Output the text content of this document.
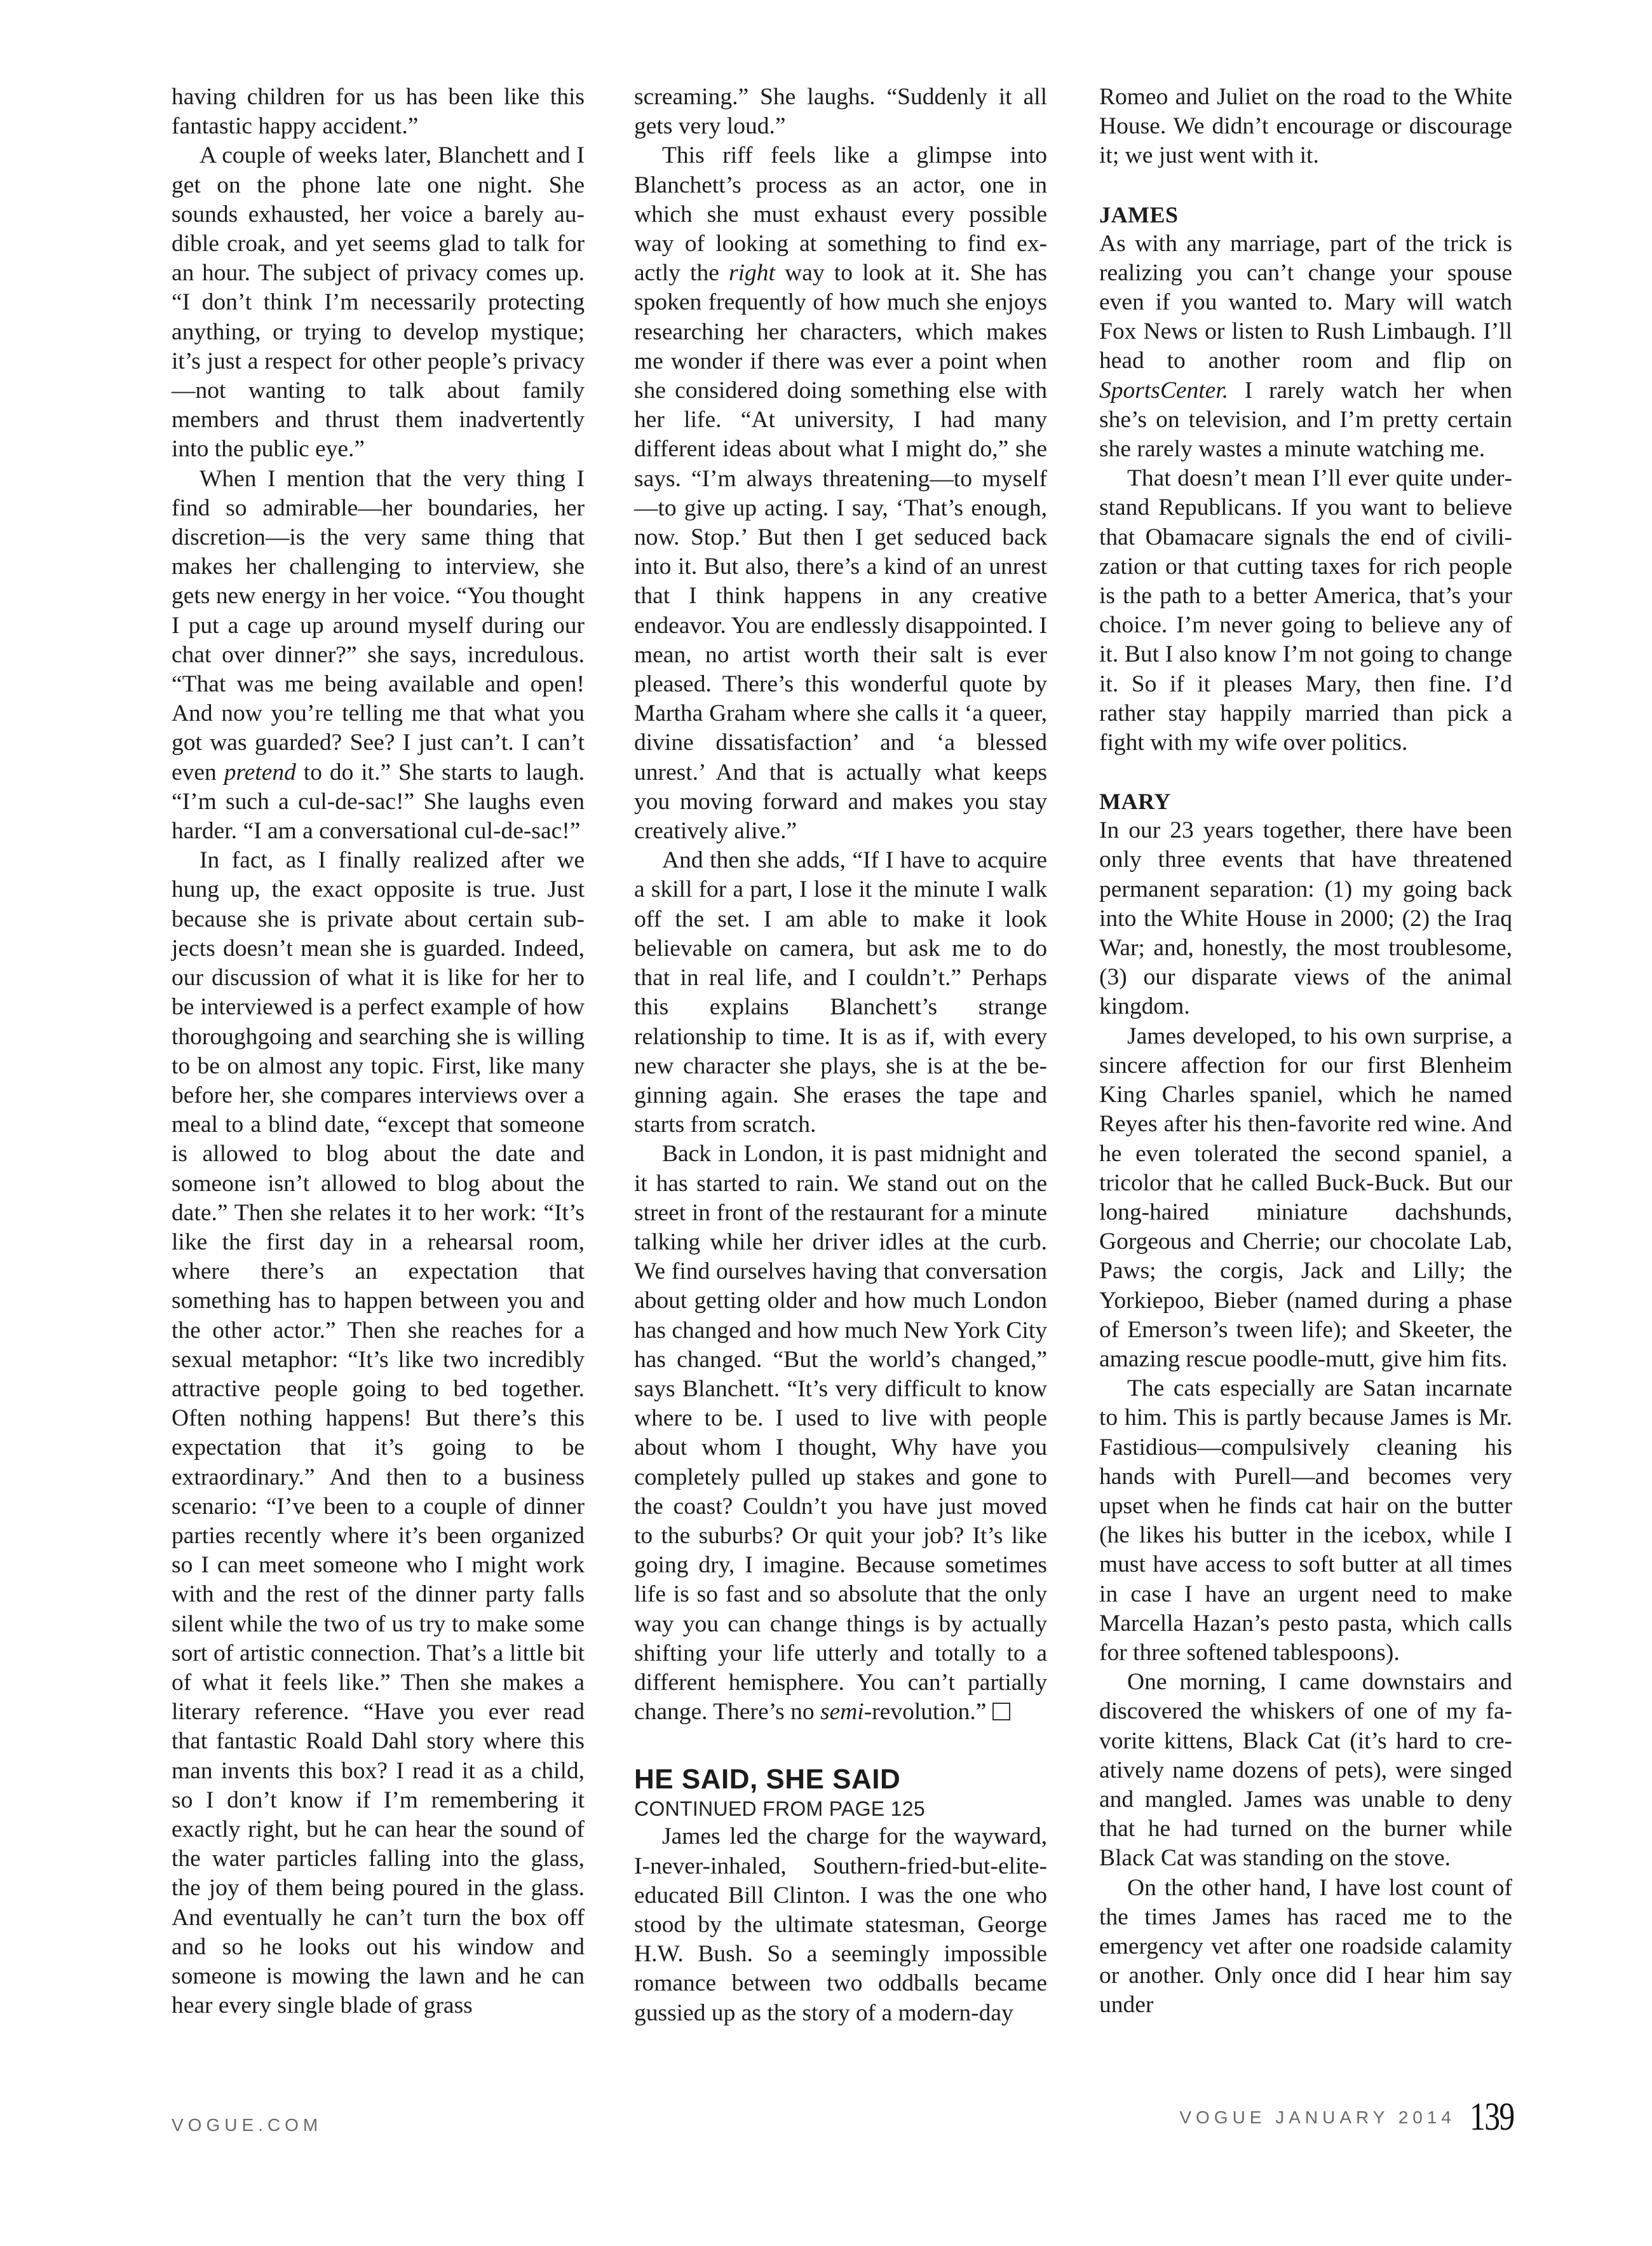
having children for us has been like this fantastic happy accident.”

A couple of weeks later, Blanchett and I get on the phone late one night. She sounds exhausted, her voice a barely audible croak, and yet seems glad to talk for an hour. The subject of privacy comes up. “I don’t think I’m necessarily protecting anything, or trying to develop mystique; it’s just a respect for other people’s privacy—not wanting to talk about family members and thrust them inadvertently into the public eye.”

When I mention that the very thing I find so admirable—her boundaries, her discretion—is the very same thing that makes her challenging to interview, she gets new energy in her voice. “You thought I put a cage up around myself during our chat over dinner?” she says, incredulous. “That was me being available and open! And now you’re telling me that what you got was guarded? See? I just can’t. I can’t even pretend to do it.” She starts to laugh. “I’m such a cul-de-sac!” She laughs even harder. “I am a conversational cul-de-sac!”

In fact, as I finally realized after we hung up, the exact opposite is true. Just because she is private about certain subjects doesn’t mean she is guarded. Indeed, our discussion of what it is like for her to be interviewed is a perfect example of how thoroughgoing and searching she is willing to be on almost any topic. First, like many before her, she compares interviews over a meal to a blind date, “except that someone is allowed to blog about the date and someone isn’t allowed to blog about the date.” Then she relates it to her work: “It’s like the first day in a rehearsal room, where there’s an expectation that something has to happen between you and the other actor.” Then she reaches for a sexual metaphor: “It’s like two incredibly attractive people going to bed together. Often nothing happens! But there’s this expectation that it’s going to be extraordinary.” And then to a business scenario: “I’ve been to a couple of dinner parties recently where it’s been organized so I can meet someone who I might work with and the rest of the dinner party falls silent while the two of us try to make some sort of artistic connection. That’s a little bit of what it feels like.” Then she makes a literary reference. “Have you ever read that fantastic Roald Dahl story where this man invents this box? I read it as a child, so I don’t know if I’m remembering it exactly right, but he can hear the sound of the water particles falling into the glass, the joy of them being poured in the glass. And eventually he can’t turn the box off and so he looks out his window and someone is mowing the lawn and he can hear every single blade of grass

screaming.” She laughs. “Suddenly it all gets very loud.”

This riff feels like a glimpse into Blanchett’s process as an actor, one in which she must exhaust every possible way of looking at something to find exactly the right way to look at it. She has spoken frequently of how much she enjoys researching her characters, which makes me wonder if there was ever a point when she considered doing something else with her life. “At university, I had many different ideas about what I might do,” she says. “I’m always threatening—to myself—to give up acting. I say, ‘That’s enough, now. Stop.’ But then I get seduced back into it. But also, there’s a kind of an unrest that I think happens in any creative endeavor. You are endlessly disappointed. I mean, no artist worth their salt is ever pleased. There’s this wonderful quote by Martha Graham where she calls it ‘a queer, divine dissatisfaction’ and ‘a blessed unrest.’ And that is actually what keeps you moving forward and makes you stay creatively alive.”

And then she adds, “If I have to acquire a skill for a part, I lose it the minute I walk off the set. I am able to make it look believable on camera, but ask me to do that in real life, and I couldn’t.” Perhaps this explains Blanchett’s strange relationship to time. It is as if, with every new character she plays, she is at the beginning again. She erases the tape and starts from scratch.

Back in London, it is past midnight and it has started to rain. We stand out on the street in front of the restaurant for a minute talking while her driver idles at the curb. We find ourselves having that conversation about getting older and how much London has changed and how much New York City has changed. “But the world’s changed,” says Blanchett. “It’s very difficult to know where to be. I used to live with people about whom I thought, Why have you completely pulled up stakes and gone to the coast? Couldn’t you have just moved to the suburbs? Or quit your job? It’s like going dry, I imagine. Because sometimes life is so fast and so absolute that the only way you can change things is by actually shifting your life utterly and totally to a different hemisphere. You can’t partially change. There’s no semi-revolution.”

HE SAID, SHE SAID

CONTINUED FROM PAGE 125

James led the charge for the wayward, I-never-inhaled, Southern-fried-but-elite-educated Bill Clinton. I was the one who stood by the ultimate statesman, George H.W. Bush. So a seemingly impossible romance between two oddballs became gussied up as the story of a modern-day

Romeo and Juliet on the road to the White House. We didn’t encourage or discourage it; we just went with it.

JAMES

As with any marriage, part of the trick is realizing you can’t change your spouse even if you wanted to. Mary will watch Fox News or listen to Rush Limbaugh. I’ll head to another room and flip on SportsCenter. I rarely watch her when she’s on television, and I’m pretty certain she rarely wastes a minute watching me.

That doesn’t mean I’ll ever quite understand Republicans. If you want to believe that Obamacare signals the end of civilization or that cutting taxes for rich people is the path to a better America, that’s your choice. I’m never going to believe any of it. But I also know I’m not going to change it. So if it pleases Mary, then fine. I’d rather stay happily married than pick a fight with my wife over politics.

MARY

In our 23 years together, there have been only three events that have threatened permanent separation: (1) my going back into the White House in 2000; (2) the Iraq War; and, honestly, the most troublesome, (3) our disparate views of the animal kingdom.

James developed, to his own surprise, a sincere affection for our first Blenheim King Charles spaniel, which he named Reyes after his then-favorite red wine. And he even tolerated the second spaniel, a tricolor that he called Buck-Buck. But our long-haired miniature dachshunds, Gorgeous and Cherrie; our chocolate Lab, Paws; the corgis, Jack and Lilly; the Yorkiepoo, Bieber (named during a phase of Emerson’s tween life); and Skeeter, the amazing rescue poodle-mutt, give him fits.

The cats especially are Satan incarnate to him. This is partly because James is Mr. Fastidious—compulsively cleaning his hands with Purell—and becomes very upset when he finds cat hair on the butter (he likes his butter in the icebox, while I must have access to soft butter at all times in case I have an urgent need to make Marcella Hazan’s pesto pasta, which calls for three softened tablespoons).

One morning, I came downstairs and discovered the whiskers of one of my favorite kittens, Black Cat (it’s hard to creatively name dozens of pets), were singed and mangled. James was unable to deny that he had turned on the burner while Black Cat was standing on the stove.

On the other hand, I have lost count of the times James has raced me to the emergency vet after one roadside calamity or another. Only once did I hear him say under

VOGUE.COM	VOGUE JANUARY 2014 139
